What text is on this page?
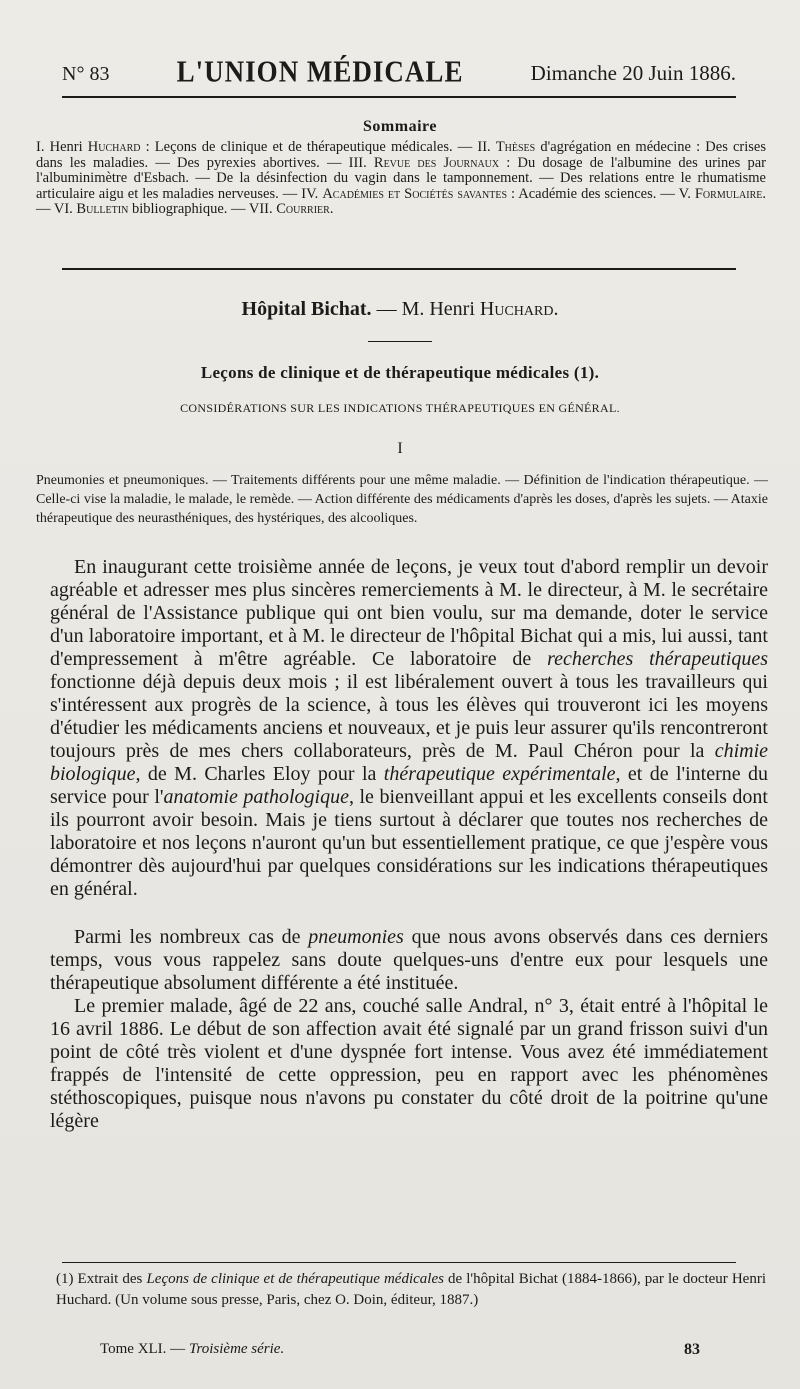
N° 83 L'UNION MÉDICALE	Dimanche 20 Juin 1886.
Sommaire
I. Henri Huchard : Leçons de clinique et de thérapeutique médicales. — II. Thèses d'agrégation en médecine : Des crises dans les maladies. — Des pyrexies abortives. — III. Revue des Journaux : Du dosage de l'albumine des urines par l'albuminimètre d'Esbach. — De la désinfection du vagin dans le tamponnement. — Des relations entre le rhumatisme articulaire aigu et les maladies nerveuses. — IV. Académies et Sociétés savantes : Académie des sciences. — V. Formulaire. — VI. Bulletin bibliographique. — VII. Courrier.
Hôpital Bichat. — M. Henri Huchard.
Leçons de clinique et de thérapeutique médicales (1).
CONSIDÉRATIONS SUR LES INDICATIONS THÉRAPEUTIQUES EN GÉNÉRAL.
I
Pneumonies et pneumoniques. — Traitements différents pour une même maladie. — Définition de l'indication thérapeutique. — Celle-ci vise la maladie, le malade, le remède. — Action différente des médicaments d'après les doses, d'après les sujets. — Ataxie thérapeutique des neurasthéniques, des hystériques, des alcooliques.

En inaugurant cette troisième année de leçons, je veux tout d'abord remplir un devoir agréable et adresser mes plus sincères remerciements à M. le directeur, à M. le secrétaire général de l'Assistance publique qui ont bien voulu, sur ma demande, doter le service d'un laboratoire important, et à M. le directeur de l'hôpital Bichat qui a mis, lui aussi, tant d'empressement à m'être agréable. Ce laboratoire de recherches thérapeutiques fonctionne déjà depuis deux mois ; il est libéralement ouvert à tous les travailleurs qui s'intéressent aux progrès de la science, à tous les élèves qui trouveront ici les moyens d'étudier les médicaments anciens et nouveaux, et je puis leur assurer qu'ils rencontreront toujours près de mes chers collaborateurs, près de M. Paul Chéron pour la chimie biologique, de M. Charles Eloy pour la thérapeutique expérimentale, et de l'interne du service pour l'anatomie pathologique, le bienveillant appui et les excellents conseils dont ils pourront avoir besoin. Mais je tiens surtout à déclarer que toutes nos recherches de laboratoire et nos leçons n'auront qu'un but essentiellement pratique, ce que j'espère vous démontrer dès aujourd'hui par quelques considérations sur les indications thérapeutiques en général.

Parmi les nombreux cas de pneumonies que nous avons observés dans ces derniers temps, vous vous rappelez sans doute quelques-uns d'entre eux pour lesquels une thérapeutique absolument différente a été instituée.

Le premier malade, âgé de 22 ans, couché salle Andral, n° 3, était entré à l'hôpital le 16 avril 1886. Le début de son affection avait été signalé par un grand frisson suivi d'un point de côté très violent et d'une dyspnée fort intense. Vous avez été immédiatement frappés de l'intensité de cette oppression, peu en rapport avec les phénomènes stéthoscopiques, puisque nous n'avons pu constater du côté droit de la poitrine qu'une légère

(1) Extrait des Leçons de clinique et de thérapeutique médicales de l'hôpital Bichat (1884-1866), par le docteur Henri Huchard. (Un volume sous presse, Paris, chez O. Doin, éditeur, 1887.)
Tome XLI. — Troisième série.	83
